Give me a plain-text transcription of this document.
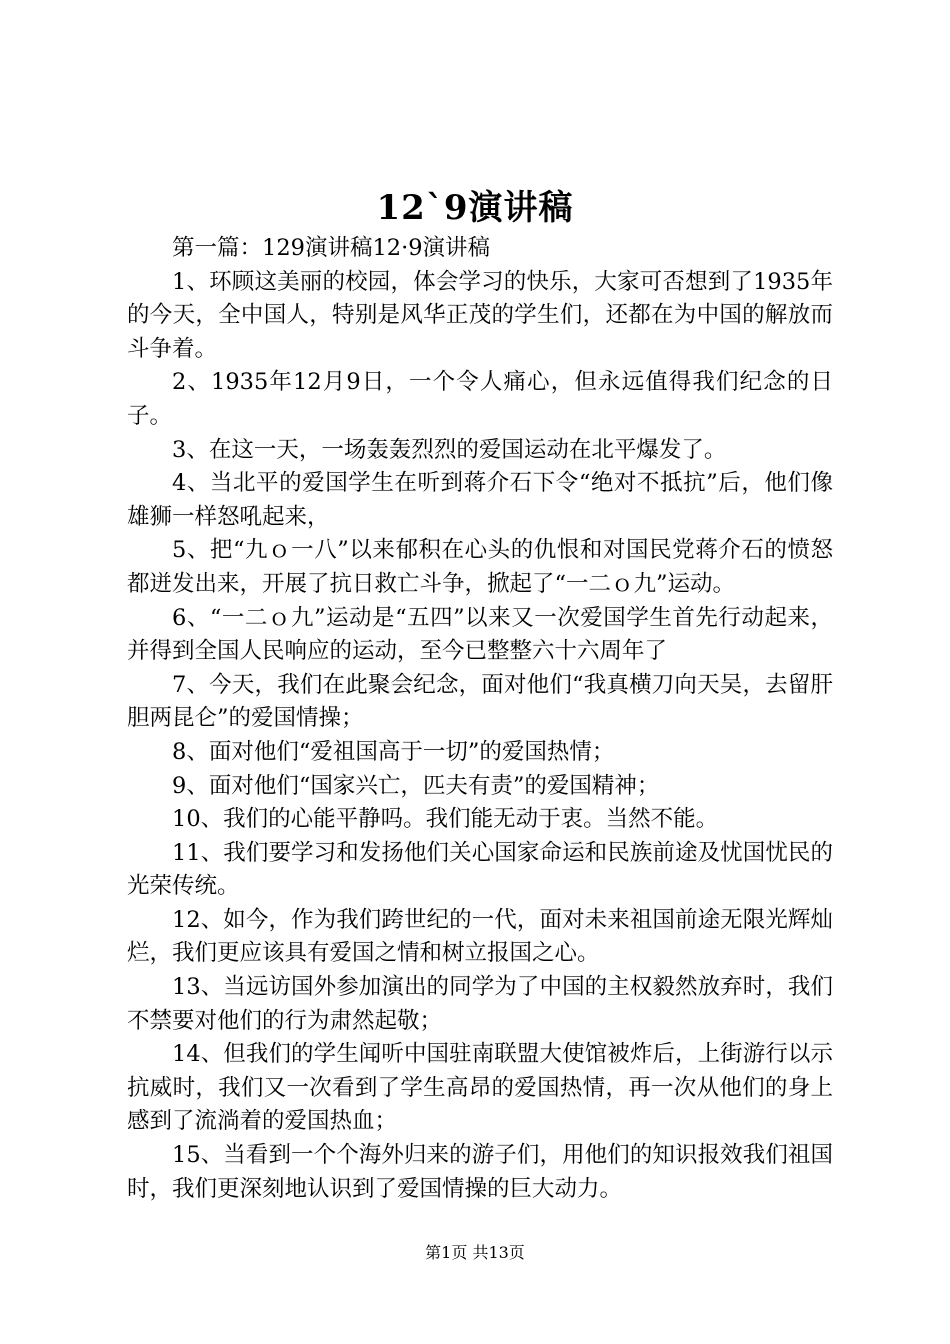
12`9演讲稿

第一篇：129演讲稿12·9演讲稿

1、环顾这美丽的校园，体会学习的快乐，大家可否想到了1935年的今天，全中国人，特别是风华正茂的学生们，还都在为中国的解放而斗争着。

2、1935年12月9日，一个令人痛心，但永远值得我们纪念的日子。

3、在这一天，一场轰轰烈烈的爱国运动在北平爆发了。

4、当北平的爱国学生在听到蒋介石下令“绝对不抵抗”后，他们像雄狮一样怒吼起来，

5、把“九ｏ一八”以来郁积在心头的仇恨和对国民党蒋介石的愤怒都迸发出来，开展了抗日救亡斗争，掀起了“一二ｏ九”运动。

6、“一二ｏ九”运动是“五四”以来又一次爱国学生首先行动起来，并得到全国人民响应的运动，至今已整整六十六周年了

7、今天，我们在此聚会纪念，面对他们“我真横刀向天吴，去留肝胆两昆仑”的爱国情操；

8、面对他们“爱祖国高于一切”的爱国热情；

9、面对他们“国家兴亡，匹夫有责”的爱国精神；

10、我们的心能平静吗。我们能无动于衷。当然不能。

11、我们要学习和发扬他们关心国家命运和民族前途及忧国忧民的光荣传统。

12、如今，作为我们跨世纪的一代，面对未来祖国前途无限光辉灿烂，我们更应该具有爱国之情和树立报国之心。

13、当远访国外参加演出的同学为了中国的主权毅然放弃时，我们不禁要对他们的行为肃然起敬；

14、但我们的学生闻听中国驻南联盟大使馆被炸后，上街游行以示抗威时，我们又一次看到了学生高昂的爱国热情，再一次从他们的身上感到了流淌着的爱国热血；

15、当看到一个个海外归来的游子们，用他们的知识报效我们祖国时，我们更深刻地认识到了爱国情操的巨大动力。

第1页 共13页
